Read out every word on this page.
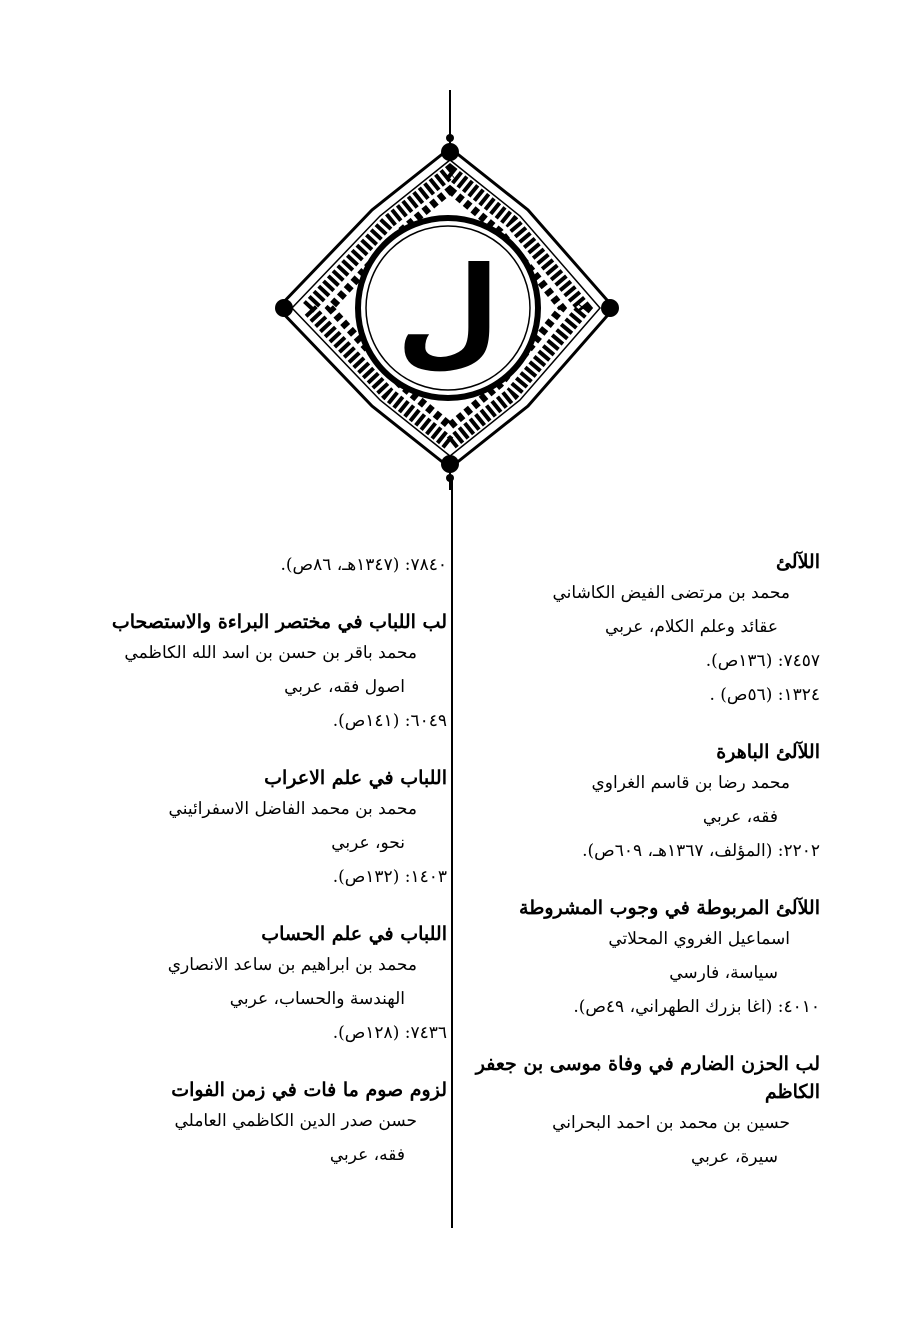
ل
اللآلئ
محمد بن مرتضى الفيض الكاشاني
عقائد وعلم الكلام، عربي
٧٤٥٧: (١٣٦ص).
١٣٢٤: (٥٦ص) .
اللآلئ الباهرة
محمد رضا بن قاسم الغراوي
فقه، عربي
٢٢٠٢: (المؤلف، ١٣٦٧هـ، ٦٠٩ص).
اللآلئ المربوطة في وجوب المشروطة
اسماعيل الغروي المحلاتي
سياسة، فارسي
٤٠١٠: (اغا بزرك الطهراني، ٤٩ص).
لب الحزن الضارم في وفاة موسى بن جعفر الكاظم
حسين بن محمد بن احمد البحراني
سيرة، عربي
٧٨٤٠: (١٣٤٧هـ، ٨٦ص).
لب اللباب في مختصر البراءة والاستصحاب
محمد باقر بن حسن بن اسد الله الكاظمي
اصول فقه، عربي
٦٠٤٩: (١٤١ص).
اللباب في علم الاعراب
محمد بن محمد الفاضل الاسفرائيني
نحو، عربي
١٤٠٣: (١٣٢ص).
اللباب في علم الحساب
محمد بن ابراهيم بن ساعد الانصاري
الهندسة والحساب، عربي
٧٤٣٦: (١٢٨ص).
لزوم صوم ما فات في زمن الفوات
حسن صدر الدين الكاظمي العاملي
فقه، عربي
